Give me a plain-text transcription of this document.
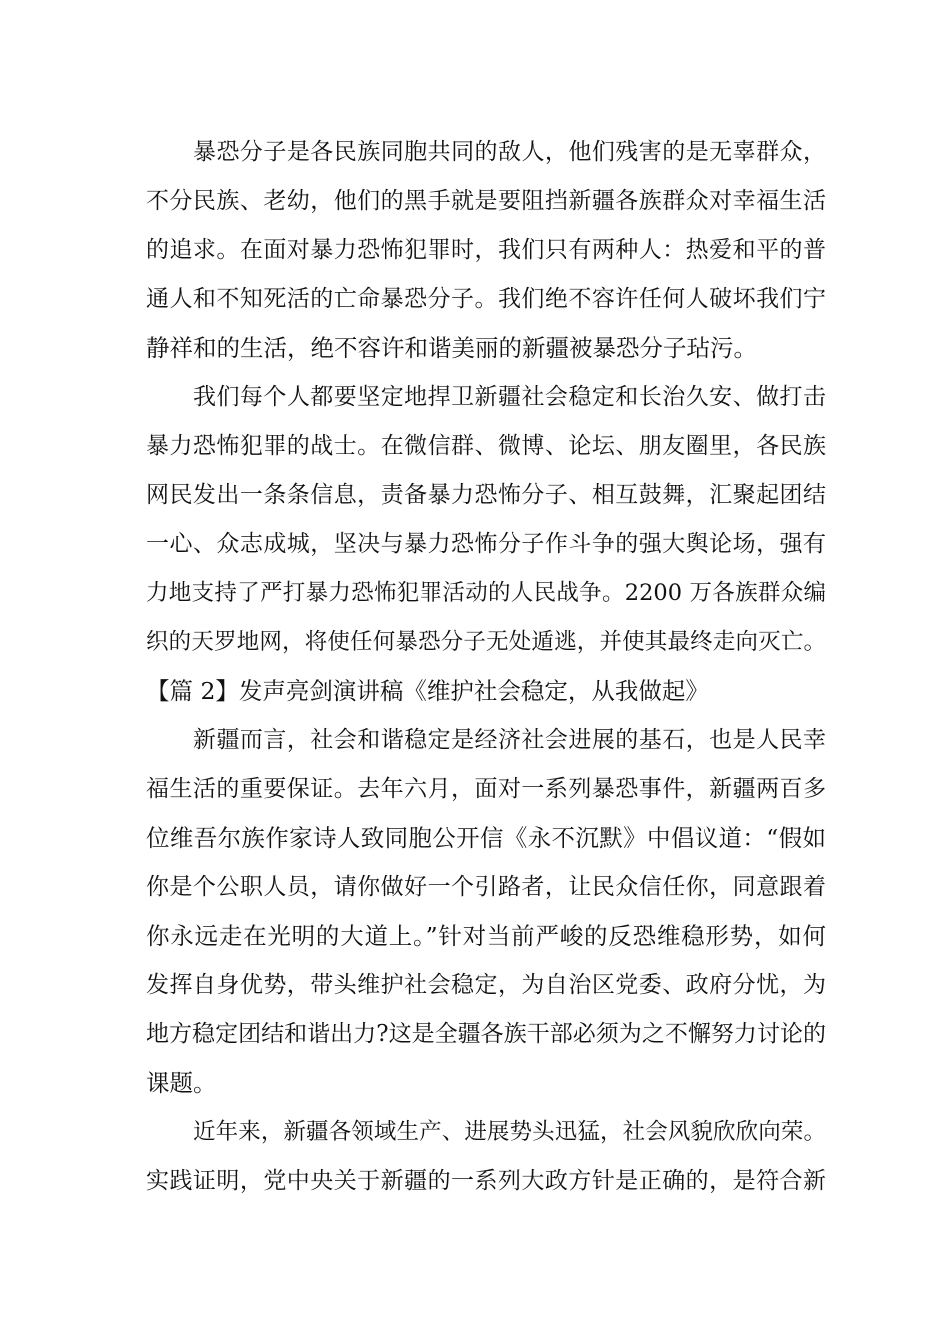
暴恐分子是各民族同胞共同的敌人，他们残害的是无辜群众，
不分民族、老幼，他们的黑手就是要阻挡新疆各族群众对幸福生活
的追求。在面对暴力恐怖犯罪时，我们只有两种人：热爱和平的普
通人和不知死活的亡命暴恐分子。我们绝不容许任何人破坏我们宁
静祥和的生活，绝不容许和谐美丽的新疆被暴恐分子玷污。
我们每个人都要坚定地捍卫新疆社会稳定和长治久安、做打击
暴力恐怖犯罪的战士。在微信群、微博、论坛、朋友圈里，各民族
网民发出一条条信息，责备暴力恐怖分子、相互鼓舞，汇聚起团结
一心、众志成城，坚决与暴力恐怖分子作斗争的强大舆论场，强有
力地支持了严打暴力恐怖犯罪活动的人民战争。2200 万各族群众编
织的天罗地网，将使任何暴恐分子无处遁逃，并使其最终走向灭亡。
【篇 2】发声亮剑演讲稿《维护社会稳定，从我做起》
新疆而言，社会和谐稳定是经济社会进展的基石，也是人民幸
福生活的重要保证。去年六月，面对一系列暴恐事件，新疆两百多
位维吾尔族作家诗人致同胞公开信《永不沉默》中倡议道：“假如
你是个公职人员，请你做好一个引路者，让民众信任你，同意跟着
你永远走在光明的大道上。”针对当前严峻的反恐维稳形势，如何
发挥自身优势，带头维护社会稳定，为自治区党委、政府分忧，为
地方稳定团结和谐出力?这是全疆各族干部必须为之不懈努力讨论的
课题。
近年来，新疆各领域生产、进展势头迅猛，社会风貌欣欣向荣。
实践证明，党中央关于新疆的一系列大政方针是正确的，是符合新
